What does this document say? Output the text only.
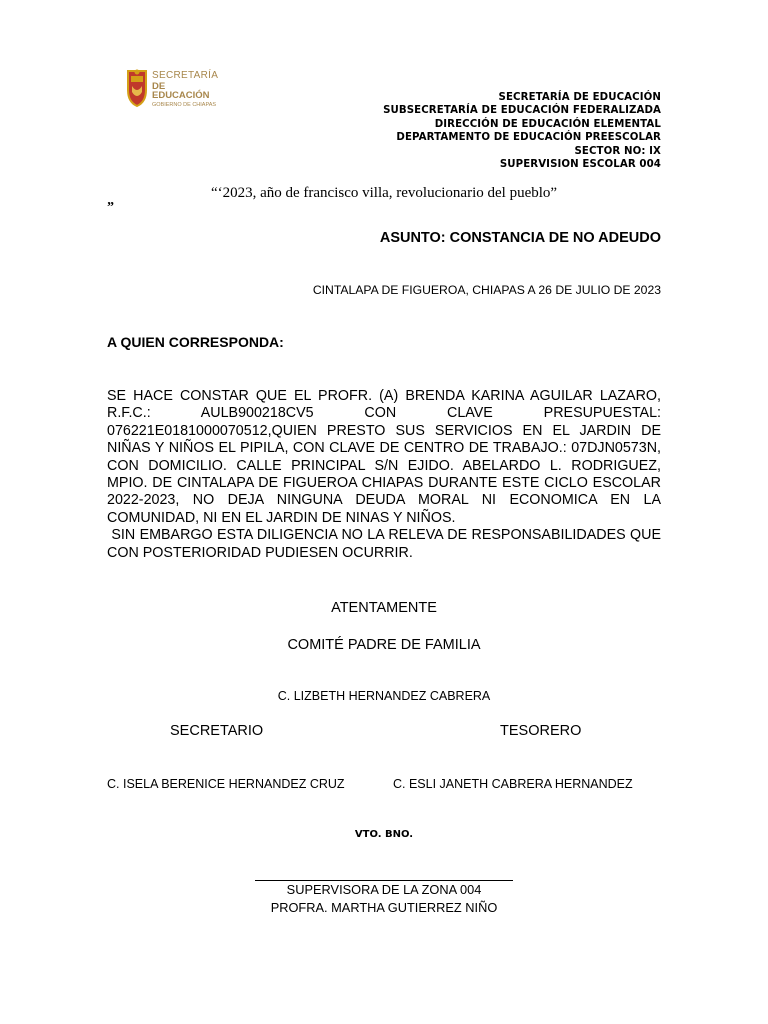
SECRETARÍA
DE EDUCACIÓN
GOBIERNO DE CHIAPAS
SECRETARÍA DE EDUCACIÓN
SUBSECRETARÍA DE EDUCACIÓN FEDERALIZADA
DIRECCIÓN DE EDUCACIÓN ELEMENTAL
DEPARTAMENTO DE EDUCACIÓN PREESCOLAR
SECTOR NO: IX
SUPERVISION ESCOLAR 004
“‘2023, año de francisco villa, revolucionario del pueblo”
”
ASUNTO: CONSTANCIA DE NO ADEUDO
CINTALAPA DE FIGUEROA, CHIAPAS A 26 DE JULIO DE 2023
A QUIEN CORRESPONDA:

SE HACE CONSTAR QUE EL PROFR. (A) BRENDA KARINA AGUILAR LAZARO, R.F.C.: AULB900218CV5 CON CLAVE PRESUPUESTAL: 076221E0181000070512,QUIEN PRESTO SUS SERVICIOS EN EL JARDIN DE NIÑAS Y NIÑOS EL PIPILA, CON CLAVE DE CENTRO DE TRABAJO.: 07DJN0573N, CON DOMICILIO. CALLE PRINCIPAL S/N EJIDO. ABELARDO L. RODRIGUEZ, MPIO. DE CINTALAPA DE FIGUEROA CHIAPAS DURANTE ESTE CICLO ESCOLAR 2022-2023, NO DEJA NINGUNA DEUDA MORAL NI ECONOMICA EN LA COMUNIDAD, NI EN EL JARDIN DE NINAS Y NIÑOS.

SIN EMBARGO ESTA DILIGENCIA NO LA RELEVA DE RESPONSABILIDADES QUE CON POSTERIORIDAD PUDIESEN OCURRIR.

ATENTAMENTE
COMITÉ PADRE DE FAMILIA
C. LIZBETH HERNANDEZ CABRERA
SECRETARIO	TESORERO
C. ISELA BERENICE HERNANDEZ CRUZ	C. ESLI JANETH CABRERA HERNANDEZ
VTO. BNO.
SUPERVISORA DE LA ZONA 004
PROFRA. MARTHA GUTIERREZ NIÑO
